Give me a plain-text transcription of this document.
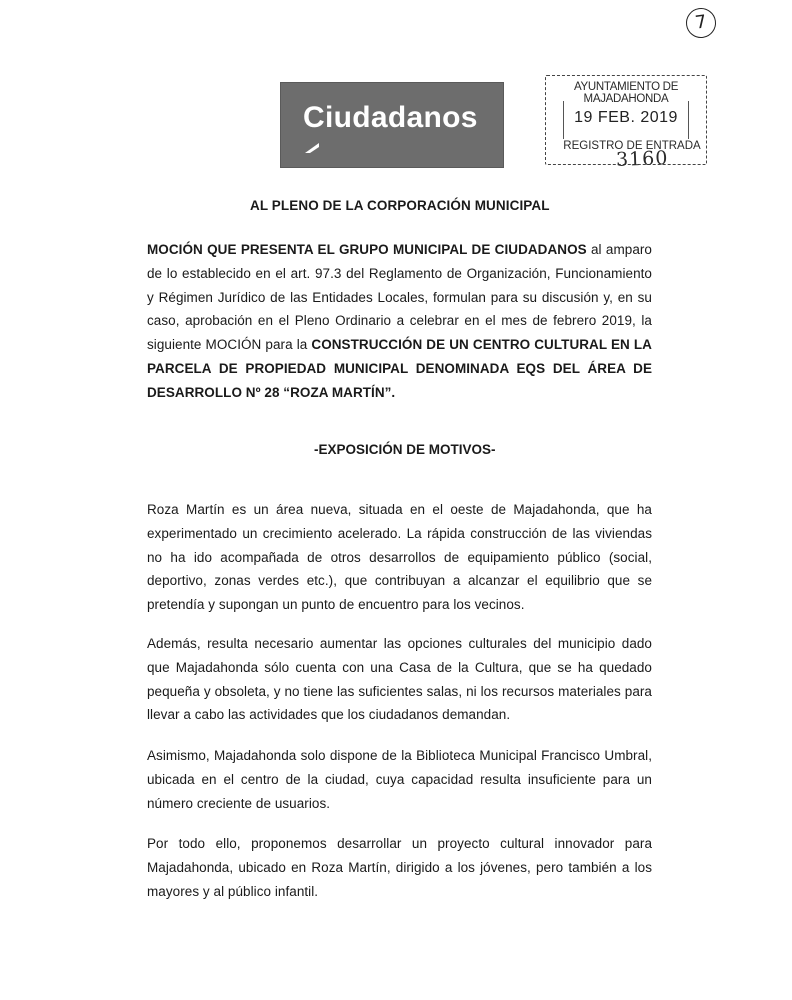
7
Ciudadanos
AYUNTAMIENTO DE MAJADAHONDA
19 FEB. 2019
REGISTRO DE ENTRADA
3160
AL PLENO DE LA CORPORACIÓN MUNICIPAL
MOCIÓN QUE PRESENTA EL GRUPO MUNICIPAL DE CIUDADANOS al amparo de lo establecido en el art. 97.3 del Reglamento de Organización, Funcionamiento y Régimen Jurídico de las Entidades Locales, formulan para su discusión y, en su caso, aprobación en el Pleno Ordinario a celebrar en el mes de febrero 2019, la siguiente MOCIÓN para la CONSTRUCCIÓN DE UN CENTRO CULTURAL EN LA PARCELA DE PROPIEDAD MUNICIPAL DENOMINADA EQS DEL ÁREA DE DESARROLLO Nº 28 “ROZA MARTÍN”.
-EXPOSICIÓN DE MOTIVOS-
Roza Martín es un área nueva, situada en el oeste de Majadahonda, que ha experimentado un crecimiento acelerado. La rápida construcción de las viviendas no ha ido acompañada de otros desarrollos de equipamiento público (social, deportivo, zonas verdes etc.), que contribuyan a alcanzar el equilibrio que se pretendía y supongan un punto de encuentro para los vecinos.
Además, resulta necesario aumentar las opciones culturales del municipio dado que Majadahonda sólo cuenta con una Casa de la Cultura, que se ha quedado pequeña y obsoleta, y no tiene las suficientes salas, ni los recursos materiales para llevar a cabo las actividades que los ciudadanos demandan.
Asimismo, Majadahonda solo dispone de la Biblioteca Municipal Francisco Umbral, ubicada en el centro de la ciudad, cuya capacidad resulta insuficiente para un número creciente de usuarios.
Por todo ello, proponemos desarrollar un proyecto cultural innovador para Majadahonda, ubicado en Roza Martín, dirigido a los jóvenes, pero también a los mayores y al público infantil.
